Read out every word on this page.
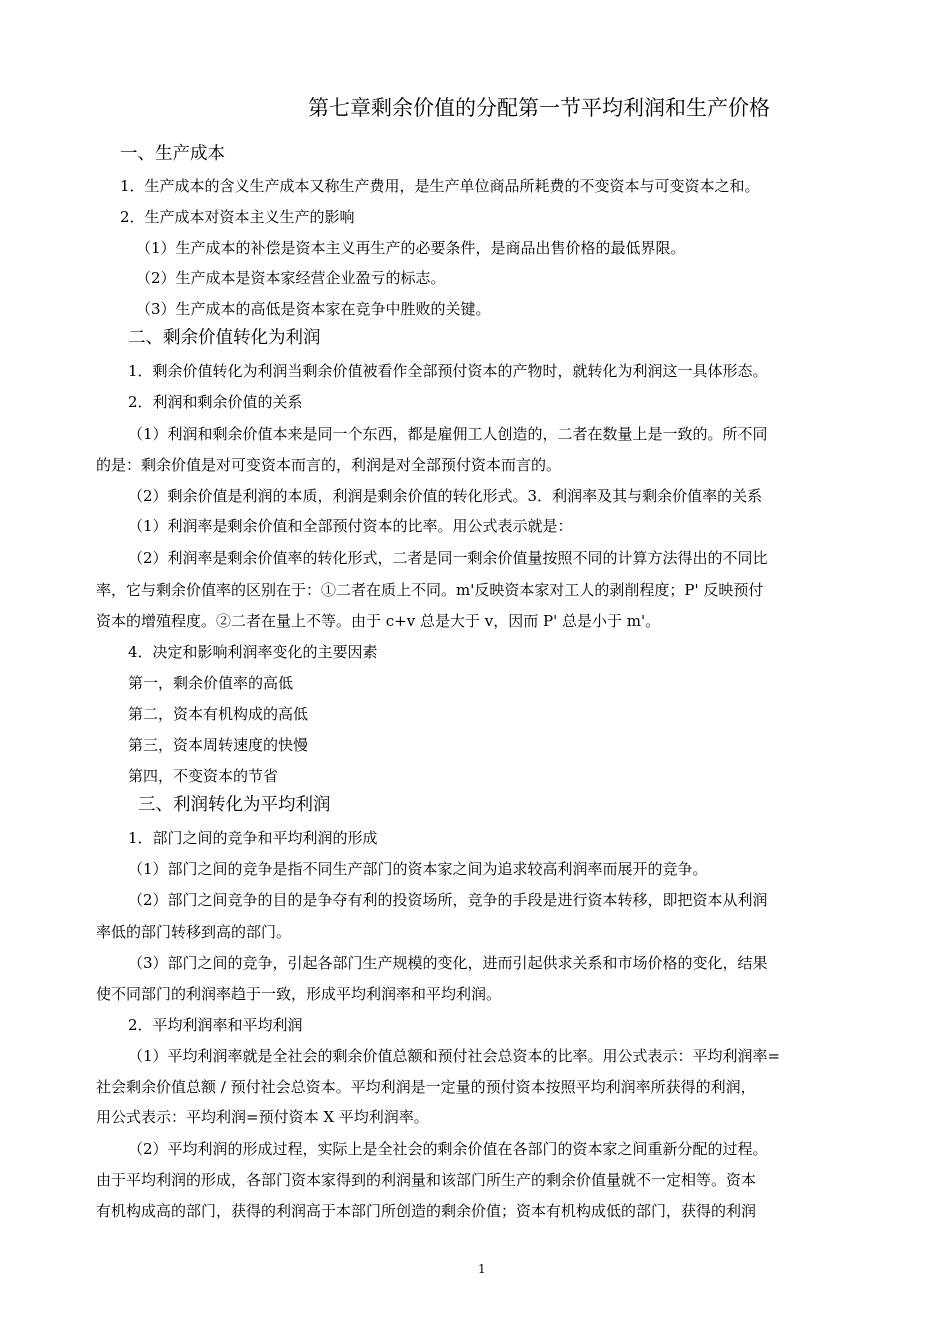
第七章剩余价值的分配第一节平均利润和生产价格
一、生产成本
1．生产成本的含义生产成本又称生产费用，是生产单位商品所耗费的不变资本与可变资本之和。
2．生产成本对资本主义生产的影响
（1）生产成本的补偿是资本主义再生产的必要条件，是商品出售价格的最低界限。
（2）生产成本是资本家经营企业盈亏的标志。
（3）生产成本的高低是资本家在竞争中胜败的关键。
二、剩余价值转化为利润
1．剩余价值转化为利润当剩余价值被看作全部预付资本的产物时，就转化为利润这一具体形态。
2．利润和剩余价值的关系
（1）利润和剩余价值本来是同一个东西，都是雇佣工人创造的，二者在数量上是一致的。所不同
的是：剩余价值是对可变资本而言的，利润是对全部预付资本而言的。
（2）剩余价值是利润的本质，利润是剩余价值的转化形式。3．利润率及其与剩余价值率的关系
（1）利润率是剩余价值和全部预付资本的比率。用公式表示就是：
（2）利润率是剩余价值率的转化形式，二者是同一剩余价值量按照不同的计算方法得出的不同比
率，它与剩余价值率的区别在于：①二者在质上不同。m'反映资本家对工人的剥削程度；P' 反映预付
资本的增殖程度。②二者在量上不等。由于 c+v 总是大于 v，因而 P' 总是小于 m'。
4．决定和影响利润率变化的主要因素
第一，剩余价值率的高低
第二，资本有机构成的高低
第三，资本周转速度的快慢
第四，不变资本的节省
三、利润转化为平均利润
1．部门之间的竞争和平均利润的形成
（1）部门之间的竞争是指不同生产部门的资本家之间为追求较高利润率而展开的竞争。
（2）部门之间竞争的目的是争夺有利的投资场所，竞争的手段是进行资本转移，即把资本从利润
率低的部门转移到高的部门。
（3）部门之间的竞争，引起各部门生产规模的变化，进而引起供求关系和市场价格的变化，结果
使不同部门的利润率趋于一致，形成平均利润率和平均利润。
2．平均利润率和平均利润
（1）平均利润率就是全社会的剩余价值总额和预付社会总资本的比率。用公式表示：平均利润率=
社会剩余价值总额 / 预付社会总资本。平均利润是一定量的预付资本按照平均利润率所获得的利润，
用公式表示：平均利润=预付资本 X 平均利润率。
（2）平均利润的形成过程，实际上是全社会的剩余价值在各部门的资本家之间重新分配的过程。
由于平均利润的形成，各部门资本家得到的利润量和该部门所生产的剩余价值量就不一定相等。资本
有机构成高的部门，获得的利润高于本部门所创造的剩余价值；资本有机构成低的部门，获得的利润
1
